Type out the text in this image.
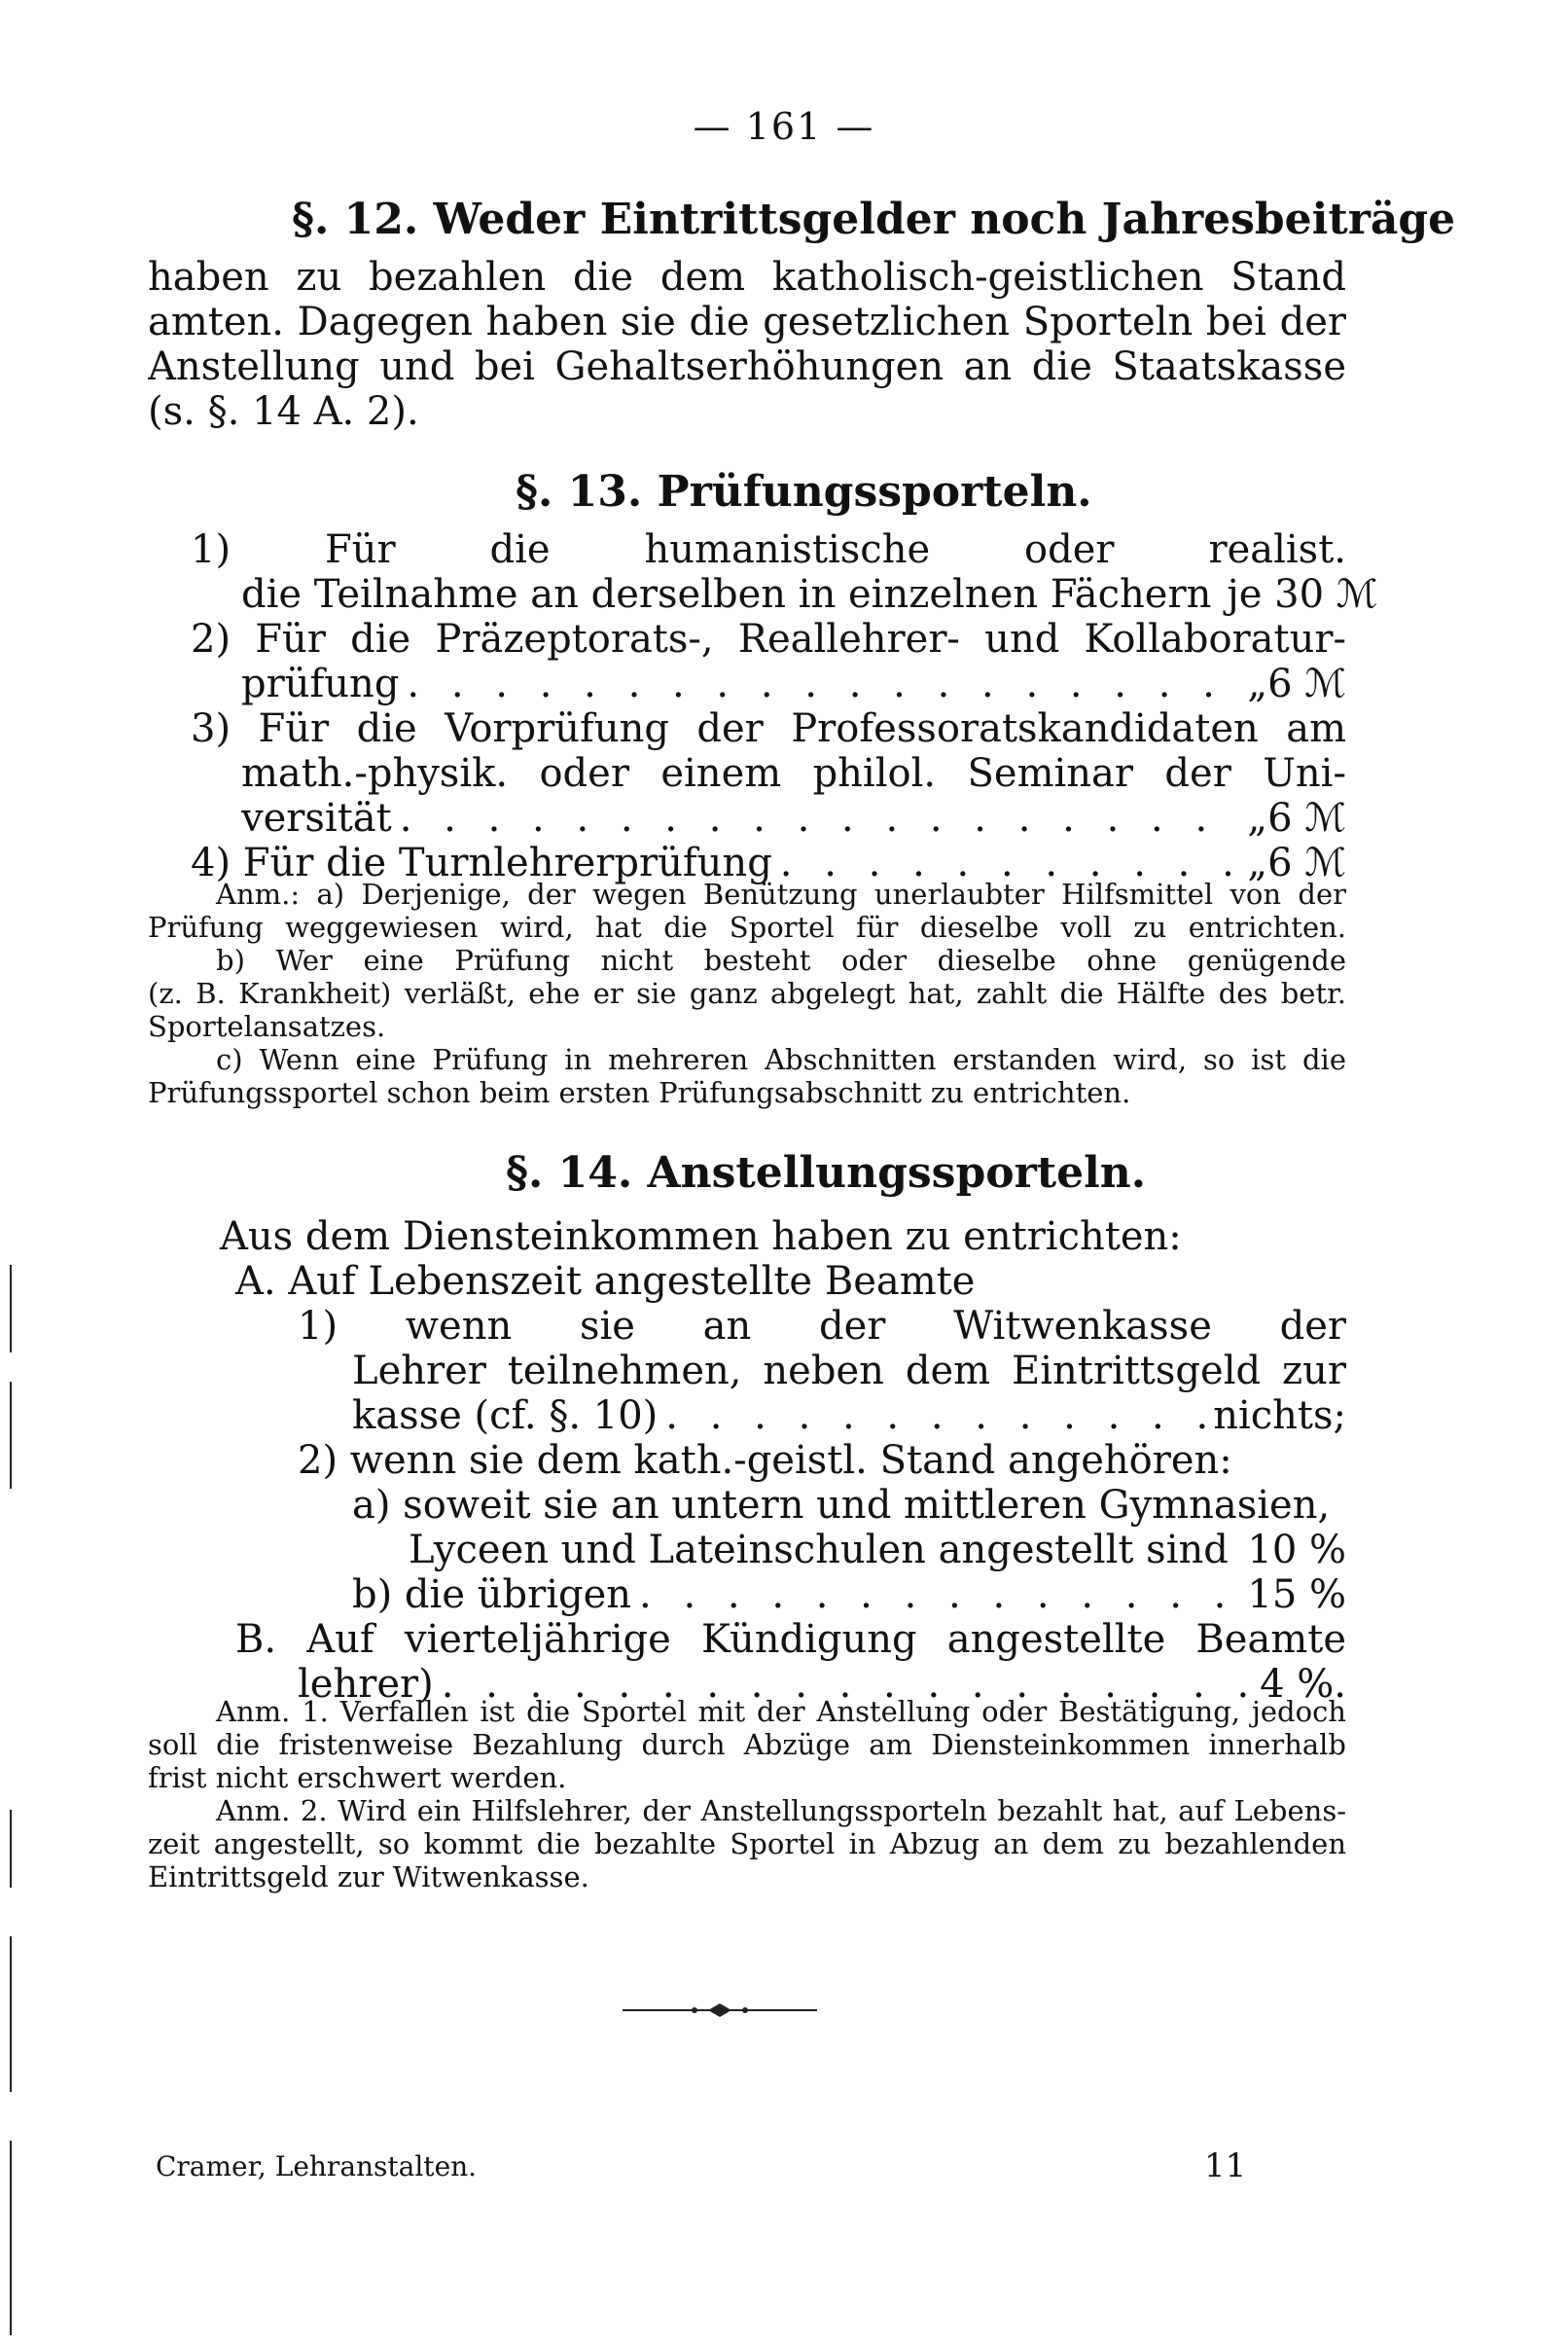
— 161 —
§. 12. Weder Eintrittsgelder noch Jahresbeiträge
haben zu bezahlen die dem katholisch-geistlichen Stand
amten. Dagegen haben sie die gesetzlichen Sporteln bei der
Anstellung und bei Gehaltserhöhungen an die Staatskasse
(s. §. 14 A. 2).
§. 13. Prüfungssporteln.
1) Für die humanistische oder realist.
die Teilnahme an derselben in einzelnen Fächern je 30 ℳ
2) Für die Präzeptorats-, Reallehrer- und Kollaboratur-
prüfung . . .	„ 6 ℳ
3) Für die Vorprüfung der Professoratskandidaten am
math.-physik. oder einem philol. Seminar der Uni-
versität . . .	„ 6 ℳ
4) Für die Turnlehrerprüfung . . .	„ 6 ℳ
Anm.: a) Derjenige, der wegen Benützung unerlaubter Hilfsmittel von der
Prüfung weggewiesen wird, hat die Sportel für dieselbe voll zu entrichten.
b) Wer eine Prüfung nicht besteht oder dieselbe ohne genügende
(z. B. Krankheit) verläßt, ehe er sie ganz abgelegt hat, zahlt die Hälfte des betr.
Sportelansatzes.
c) Wenn eine Prüfung in mehreren Abschnitten erstanden wird, so ist die
Prüfungssportel schon beim ersten Prüfungsabschnitt zu entrichten.
§. 14. Anstellungssporteln.
Aus dem Diensteinkommen haben zu entrichten:
A. Auf Lebenszeit angestellte Beamte
1) wenn sie an der Witwenkasse der
Lehrer teilnehmen, neben dem Eintrittsgeld zur
kasse (cf. §. 10) . . .	nichts;
2) wenn sie dem kath.-geistl. Stand angehören:
a) soweit sie an untern und mittleren Gymnasien,
Lyceen und Lateinschulen angestellt sind . . . 10 %
b) die übrigen . . .	15 %
B. Auf vierteljährige Kündigung angestellte Beamte
lehrer) . . .	4 %.
Anm. 1. Verfallen ist die Sportel mit der Anstellung oder Bestätigung, jedoch
soll die fristenweise Bezahlung durch Abzüge am Diensteinkommen innerhalb
frist nicht erschwert werden.
Anm. 2. Wird ein Hilfslehrer, der Anstellungssporteln bezahlt hat, auf Lebens-
zeit angestellt, so kommt die bezahlte Sportel in Abzug an dem zu bezahlenden
Eintrittsgeld zur Witwenkasse.
Cramer, Lehranstalten.	11
